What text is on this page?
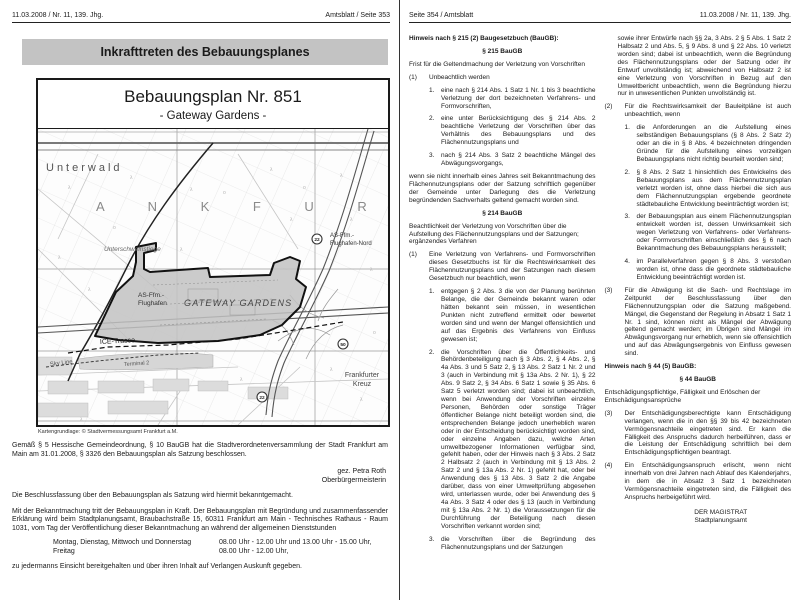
11.03.2008 / Nr. 11, 139. Jhg.	Amtsblatt / Seite 353
Inkrafttreten des Bebauungsplanes
Bebauungsplan Nr. 851
- Gateway Gardens -
λ
λ
λ
λ
λ
λ
λ
λ	λ
λ
λ
λ
λ
λ
λ
o
o
o
o
Unterwald
A N K F U R
Unterschweinstiege
AS-Ffm.-
Flughafen-Nord
AS-Ffm.-
Flughafen GATEWAY GARDENS
ICE-Trasse
Sky Line	Terminal 2
Frankfurter
Kreuz
22
50
22
Kartengrundlage: © Stadtvermessungsamt Frankfurt a.M.
Gemäß § 5 Hessische Gemeindeordnung, § 10 BauGB hat die Stadtverordnetenversammlung der Stadt Frankfurt am Main am 31.01.2008, § 3326 den Bebauungsplan als Satzung beschlossen.
gez. Petra Roth
Oberbürgermeisterin
Die Beschlussfassung über den Bebauungsplan als Satzung wird hiermit bekanntgemacht.
Mit der Bekanntmachung tritt der Bebauungsplan in Kraft. Der Bebauungsplan mit Begründung und zusammenfassender Erklärung wird beim Stadtplanungsamt, Braubachstraße 15, 60311 Frankfurt am Main - Technisches Rathaus - Raum 1031, vom Tag der Veröffentlichung dieser Bekanntmachung an während der allgemeinen Dienststunden
Montag, Dienstag, Mittwoch und Donnerstag	08.00 Uhr - 12.00 Uhr und 13.00 Uhr - 15.00 Uhr,
Freitag	08.00 Uhr - 12.00 Uhr,
zu jedermanns Einsicht bereitgehalten und über ihren Inhalt auf Verlangen Auskunft gegeben.
Seite 354 / Amtsblatt	11.03.2008 / Nr. 11, 139. Jhg.
Hinweis nach § 215 (2) Baugesetzbuch (BauGB):
§ 215 BauGB
Frist für die Geltendmachung der Verletzung von Vorschriften
(1)	Unbeachtlich werden
1.	eine nach § 214 Abs. 1 Satz 1 Nr. 1 bis 3 beachtliche Verletzung der dort bezeichneten Verfahrens- und Formvorschriften,
2.	eine unter Berücksichtigung des § 214 Abs. 2 beachtliche Verletzung der Vorschriften über das Verhältnis des Bebauungsplans und des Flächennutzungsplans und
3.	nach § 214 Abs. 3 Satz 2 beachtliche Mängel des Abwägungsvorgangs,
wenn sie nicht innerhalb eines Jahres seit Bekanntmachung des Flächennutzungsplans oder der Satzung schriftlich gegenüber der Gemeinde unter Darlegung des die Verletzung begründenden Sachverhalts geltend gemacht worden sind.
§ 214 BauGB
Beachtlichkeit der Verletzung von Vorschriften über die Aufstellung des Flächennutzungsplans und der Satzungen; ergänzendes Verfahren
(1)	Eine Verletzung von Verfahrens- und Formvorschriften dieses Gesetzbuchs ist für die Rechtswirksamkeit des Flächennutzungsplans und der Satzungen nach diesem Gesetzbuch nur beachtlich, wenn
1.	entgegen § 2 Abs. 3 die von der Planung berührten Belange, die der Gemeinde bekannt waren oder hätten bekannt sein müssen, in wesentlichen Punkten nicht zutreffend ermittelt oder bewertet worden sind und wenn der Mangel offensichtlich und auf das Ergebnis des Verfahrens von Einfluss gewesen ist;
2.	die Vorschriften über die Öffentlichkeits- und Behördenbeteiligung nach § 3 Abs. 2, § 4 Abs. 2, § 4a Abs. 3 und 5 Satz 2, § 13 Abs. 2 Satz 1 Nr. 2 und 3 (auch in Verbindung mit § 13a Abs. 2 Nr. 1), § 22 Abs. 9 Satz 2, § 34 Abs. 6 Satz 1 sowie § 35 Abs. 6 Satz 5 verletzt worden sind; dabei ist unbeachtlich, wenn bei Anwendung der Vorschriften einzelne Personen, Behörden oder sonstige Träger öffentlicher Belange nicht beteiligt worden sind, die entsprechenden Belange jedoch unerheblich waren oder in der Entscheidung berücksichtigt worden sind, oder einzelne Angaben dazu, welche Arten umweltbezogener Informationen verfügbar sind, gefehlt haben, oder der Hinweis nach § 3 Abs. 2 Satz 2 Halbsatz 2 (auch in Verbindung mit § 13 Abs. 2 Satz 2 und § 13a Abs. 2 Nr. 1) gefehlt hat, oder bei Anwendung des § 13 Abs. 3 Satz 2 die Angabe darüber, dass von einer Umweltprüfung abgesehen wird, unterlassen wurde, oder bei Anwendung des § 4a Abs. 3 Satz 4 oder des § 13 (auch in Verbindung mit § 13a Abs. 2 Nr. 1) die Voraussetzungen für die Durchführung der Beteiligung nach diesen Vorschriften verkannt worden sind;
3.	die Vorschriften über die Begründung des Flächennutzungsplans und der Satzungen
sowie ihrer Entwürfe nach §§ 2a, 3 Abs. 2 § 5 Abs. 1 Satz 2 Halbsatz 2 und Abs. 5, § 9 Abs. 8 und § 22 Abs. 10 verletzt worden sind; dabei ist unbeachtlich, wenn die Begründung des Flächennutzungsplans oder der Satzung oder ihr Entwurf unvollständig ist; abweichend von Halbsatz 2 ist eine Verletzung von Vorschriften in Bezug auf den Umweltbericht unbeachtlich, wenn die Begründung hierzu nur in unwesentlichen Punkten unvollständig ist.
(2)	Für die Rechtswirksamkeit der Bauleitpläne ist auch unbeachtlich, wenn
1.	die Anforderungen an die Aufstellung eines selbständigen Bebauungsplans (§ 8 Abs. 2 Satz 2) oder an die in § 8 Abs. 4 bezeichneten dringenden Gründe für die Aufstellung eines vorzeitigen Bebauungsplans nicht richtig beurteilt worden sind;
2.	§ 8 Abs. 2 Satz 1 hinsichtlich des Entwickelns des Bebauungsplans aus dem Flächennutzungsplan verletzt worden ist, ohne dass hierbei die sich aus dem Flächennutzungsplan ergebende geordnete städtebauliche Entwicklung beeinträchtigt worden ist;
3.	der Bebauungsplan aus einem Flächennutzungsplan entwickelt worden ist, dessen Unwirksamkeit sich wegen Verletzung von Verfahrens- oder Verfahrens- oder Formvorschriften einschließlich des § 6 nach Bekanntmachung des Bebauungsplans herausstellt;
4.	im Parallelverfahren gegen § 8 Abs. 3 verstoßen worden ist, ohne dass die geordnete städtebauliche Entwicklung beeinträchtigt worden ist.
(3)	Für die Abwägung ist die Sach- und Rechtslage im Zeitpunkt der Beschlussfassung über den Flächennutzungsplan oder die Satzung maßgebend. Mängel, die Gegenstand der Regelung in Absatz 1 Satz 1 Nr. 1 sind, können nicht als Mängel der Abwägung geltend gemacht werden; im Übrigen sind Mängel im Abwägungsvorgang nur erheblich, wenn sie offensichtlich und auf das Abwägungsergebnis von Einfluss gewesen sind.
Hinweis nach § 44 (5) BauGB:
§ 44 BauGB
Entschädigungspflichtige, Fälligkeit und Erlöschen der Entschädigungsansprüche
(3)	Der Entschädigungsberechtigte kann Entschädigung verlangen, wenn die in den §§ 39 bis 42 bezeichneten Vermögensnachteile eingetreten sind. Er kann die Fälligkeit des Anspruchs dadurch herbeiführen, dass er die Leistung der Entschädigung schriftlich bei dem Entschädigungspflichtigen beantragt.
(4)	Ein Entschädigungsanspruch erlischt, wenn nicht innerhalb von drei Jahren nach Ablauf des Kalenderjahrs, in dem die in Absatz 3 Satz 1 bezeichneten Vermögensnachteile eingetreten sind, die Fälligkeit des Anspruchs herbeigeführt wird.
DER MAGISTRAT
Stadtplanungsamt
